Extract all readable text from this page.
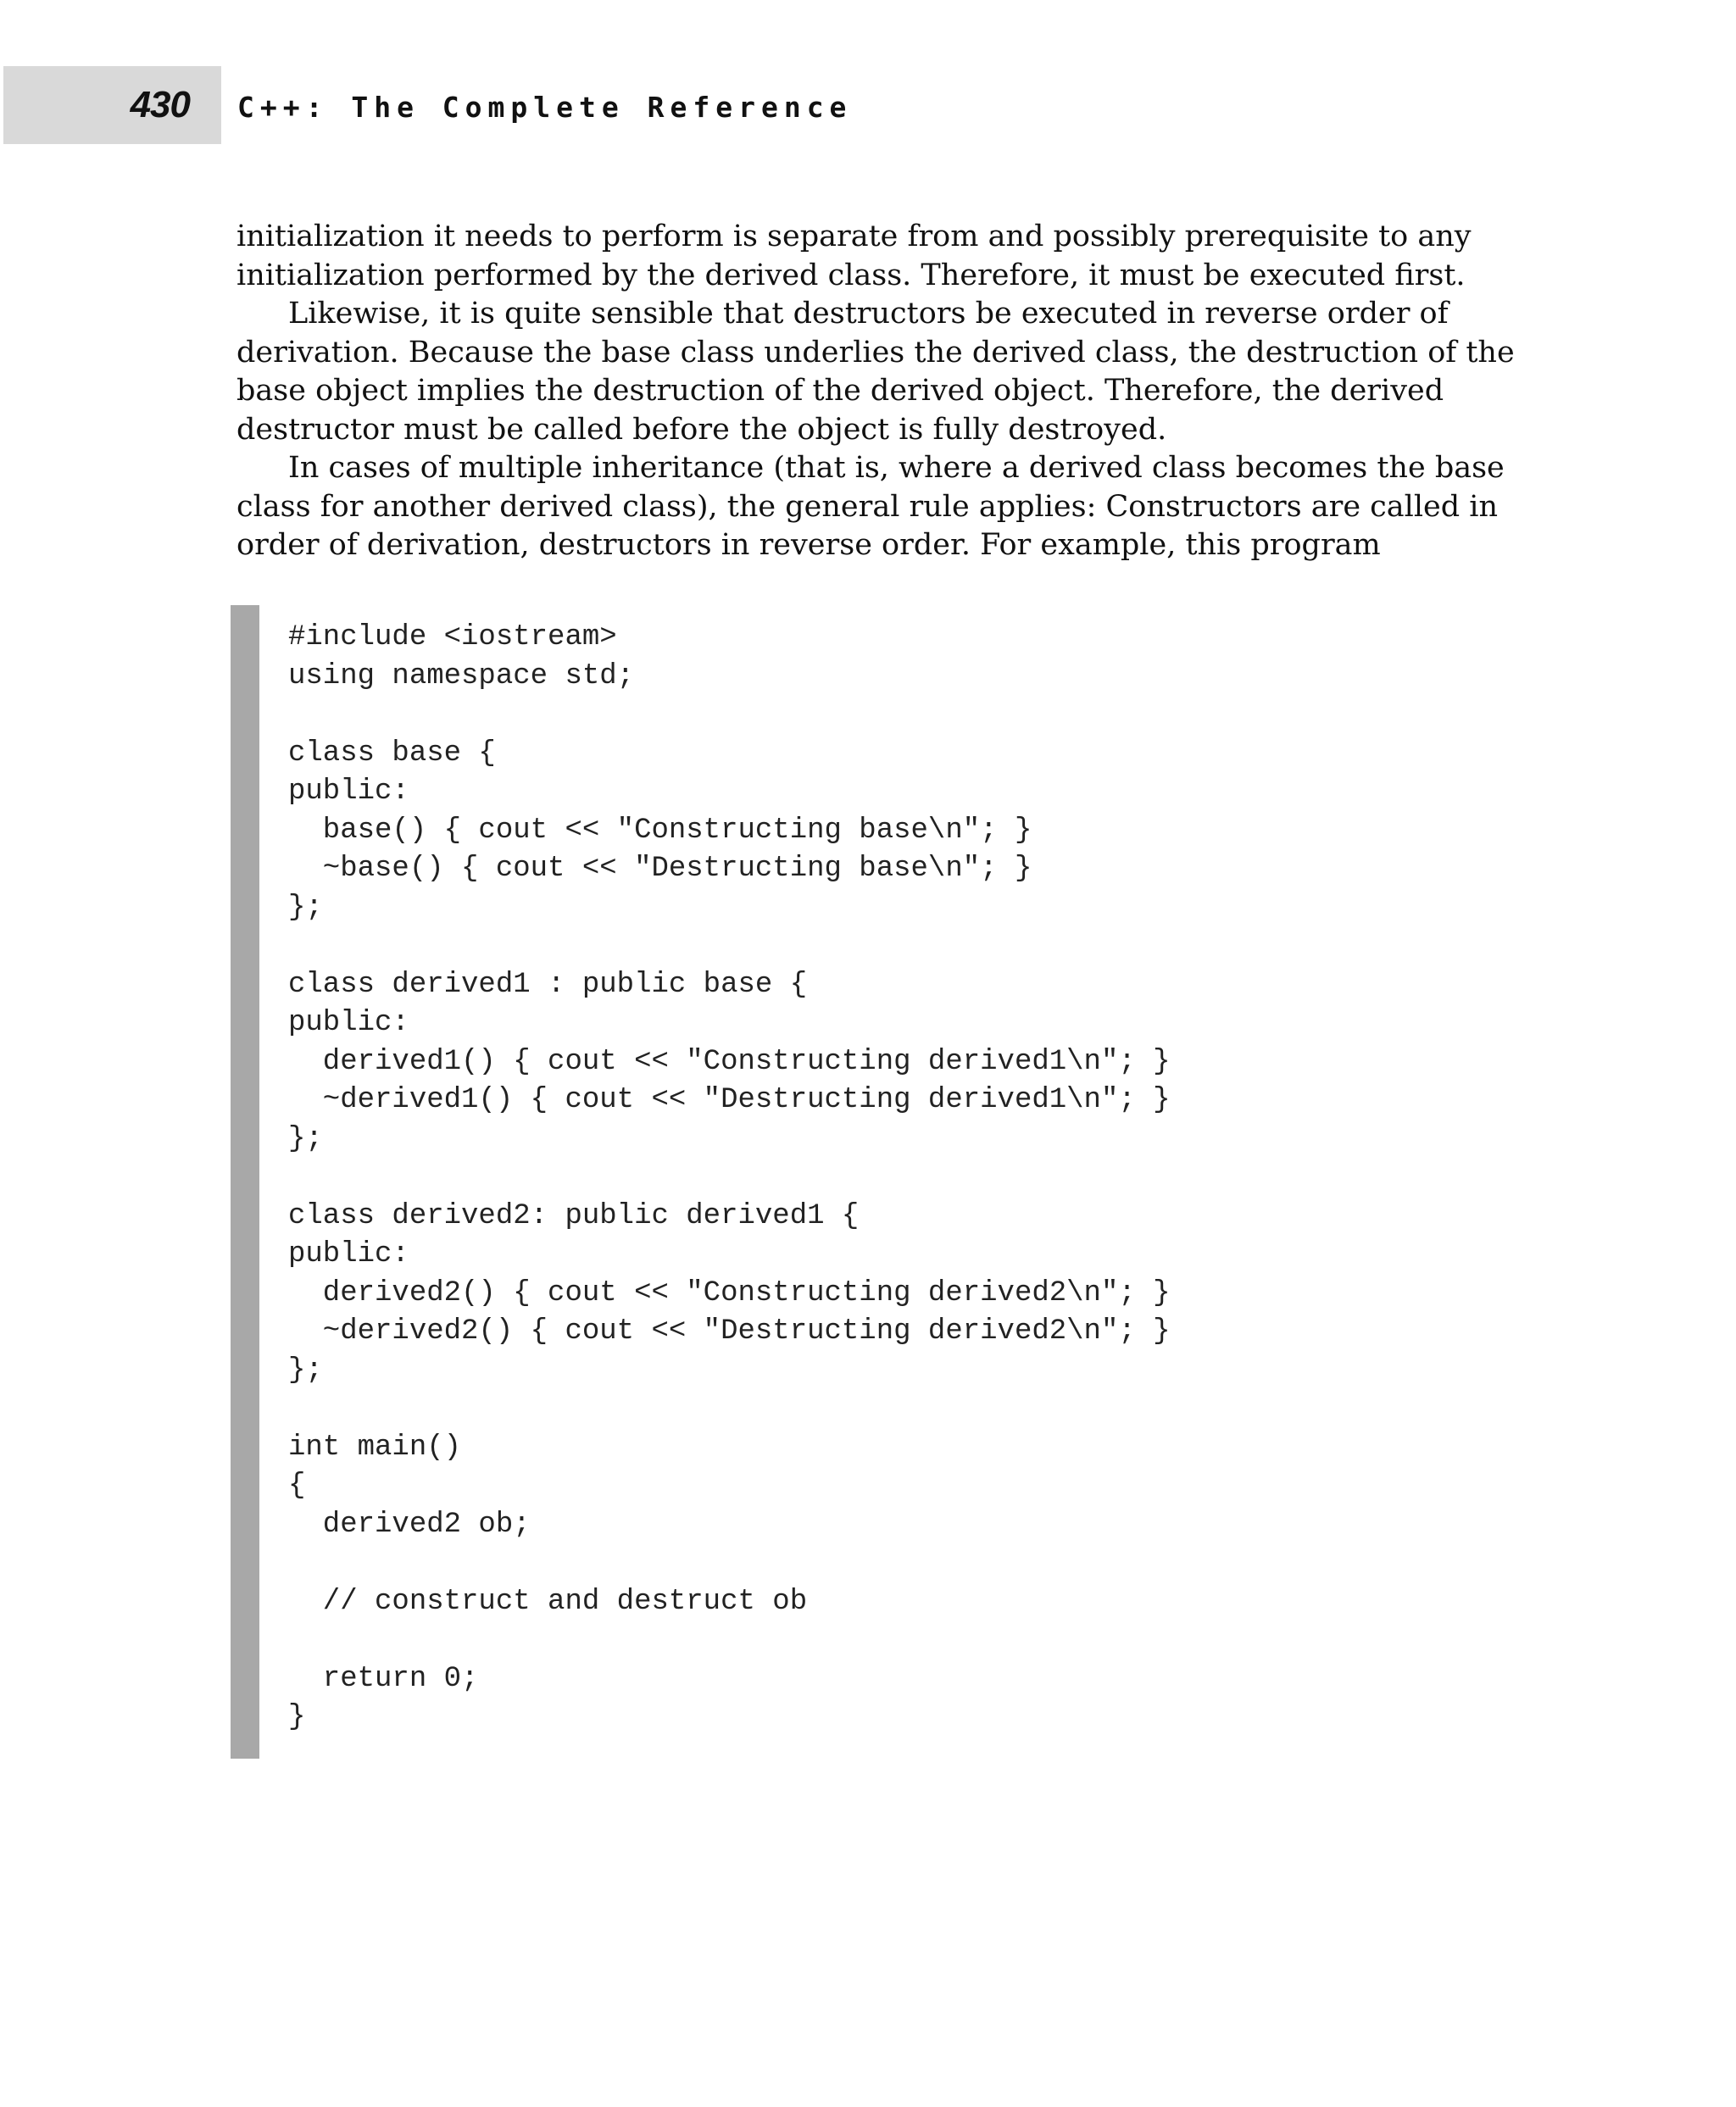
430 C++: The Complete Reference
initialization it needs to perform is separate from and possibly prerequisite to any
initialization performed by the derived class. Therefore, it must be executed first.
Likewise, it is quite sensible that destructors be executed in reverse order of
derivation. Because the base class underlies the derived class, the destruction of the
base object implies the destruction of the derived object. Therefore, the derived
destructor must be called before the object is fully destroyed.
In cases of multiple inheritance (that is, where a derived class becomes the base
class for another derived class), the general rule applies: Constructors are called in
order of derivation, destructors in reverse order. For example, this program
#include <iostream>
using namespace std;
class base {
public:
base() { cout << "Constructing base\n"; }
~base() { cout << "Destructing base\n"; }
};
class derived1 : public base {
public:
derived1() { cout << "Constructing derived1\n"; }
~derived1() { cout << "Destructing derived1\n"; }
};
class derived2: public derived1 {
public:
derived2() { cout << "Constructing derived2\n"; }
~derived2() { cout << "Destructing derived2\n"; }
};
int main()
{
derived2 ob;
// construct and destruct ob
return 0;
}
